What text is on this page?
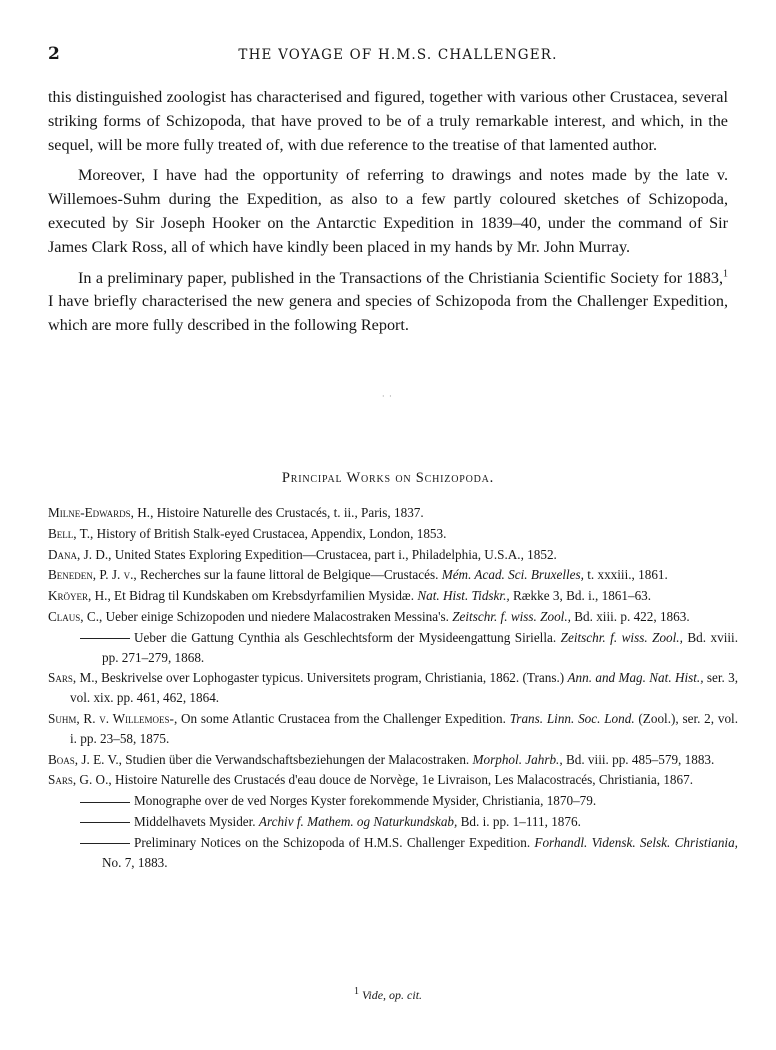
2	THE VOYAGE OF H.M.S. CHALLENGER.

this distinguished zoologist has characterised and figured, together with various other Crustacea, several striking forms of Schizopoda, that have proved to be of a truly remarkable interest, and which, in the sequel, will be more fully treated of, with due reference to the treatise of that lamented author.

Moreover, I have had the opportunity of referring to drawings and notes made by the late v. Willemoes-Suhm during the Expedition, as also to a few partly coloured sketches of Schizopoda, executed by Sir Joseph Hooker on the Antarctic Expedition in 1839–40, under the command of Sir James Clark Ross, all of which have kindly been placed in my hands by Mr. John Murray.

In a preliminary paper, published in the Transactions of the Christiania Scientific Society for 1883,$^1$ I have briefly characterised the new genera and species of Schizopoda from the Challenger Expedition, which are more fully described in the following Report.

· ·
Principal Works on Schizopoda.

Milne-Edwards, H., Histoire Naturelle des Crustacés, t. ii., Paris, 1837.

Bell, T., History of British Stalk-eyed Crustacea, Appendix, London, 1853.

Dana, J. D., United States Exploring Expedition—Crustacea, part i., Philadelphia, U.S.A., 1852.

Beneden, P. J. v., Recherches sur la faune littoral de Belgique—Crustacés. Mém. Acad. Sci. Bruxelles, t. xxxiii., 1861.

Kröyer, H., Et Bidrag til Kundskaben om Krebsdyrfamilien Mysidæ. Nat. Hist. Tidskr., Række 3, Bd. i., 1861–63.

Claus, C., Ueber einige Schizopoden und niedere Malacostraken Messina's. Zeitschr. f. wiss. Zool., Bd. xiii. p. 422, 1863.

Ueber die Gattung Cynthia als Geschlechtsform der Mysideengattung Siriella. Zeitschr. f. wiss. Zool., Bd. xviii. pp. 271–279, 1868.

Sars, M., Beskrivelse over Lophogaster typicus. Universitets program, Christiania, 1862. (Trans.) Ann. and Mag. Nat. Hist., ser. 3, vol. xix. pp. 461, 462, 1864.

Suhm, R. v. Willemoes-, On some Atlantic Crustacea from the Challenger Expedition. Trans. Linn. Soc. Lond. (Zool.), ser. 2, vol. i. pp. 23–58, 1875.

Boas, J. E. V., Studien über die Verwandschaftsbeziehungen der Malacostraken. Morphol. Jahrb., Bd. viii. pp. 485–579, 1883.

Sars, G. O., Histoire Naturelle des Crustacés d'eau douce de Norvège, 1e Livraison, Les Malacostracés, Christiania, 1867.

Monographe over de ved Norges Kyster forekommende Mysider, Christiania, 1870–79.

Middelhavets Mysider. Archiv f. Mathem. og Naturkundskab, Bd. i. pp. 1–111, 1876.

Preliminary Notices on the Schizopoda of H.M.S. Challenger Expedition. Forhandl. Vidensk. Selsk. Christiania, No. 7, 1883.

$^1$ Vide, op. cit.
